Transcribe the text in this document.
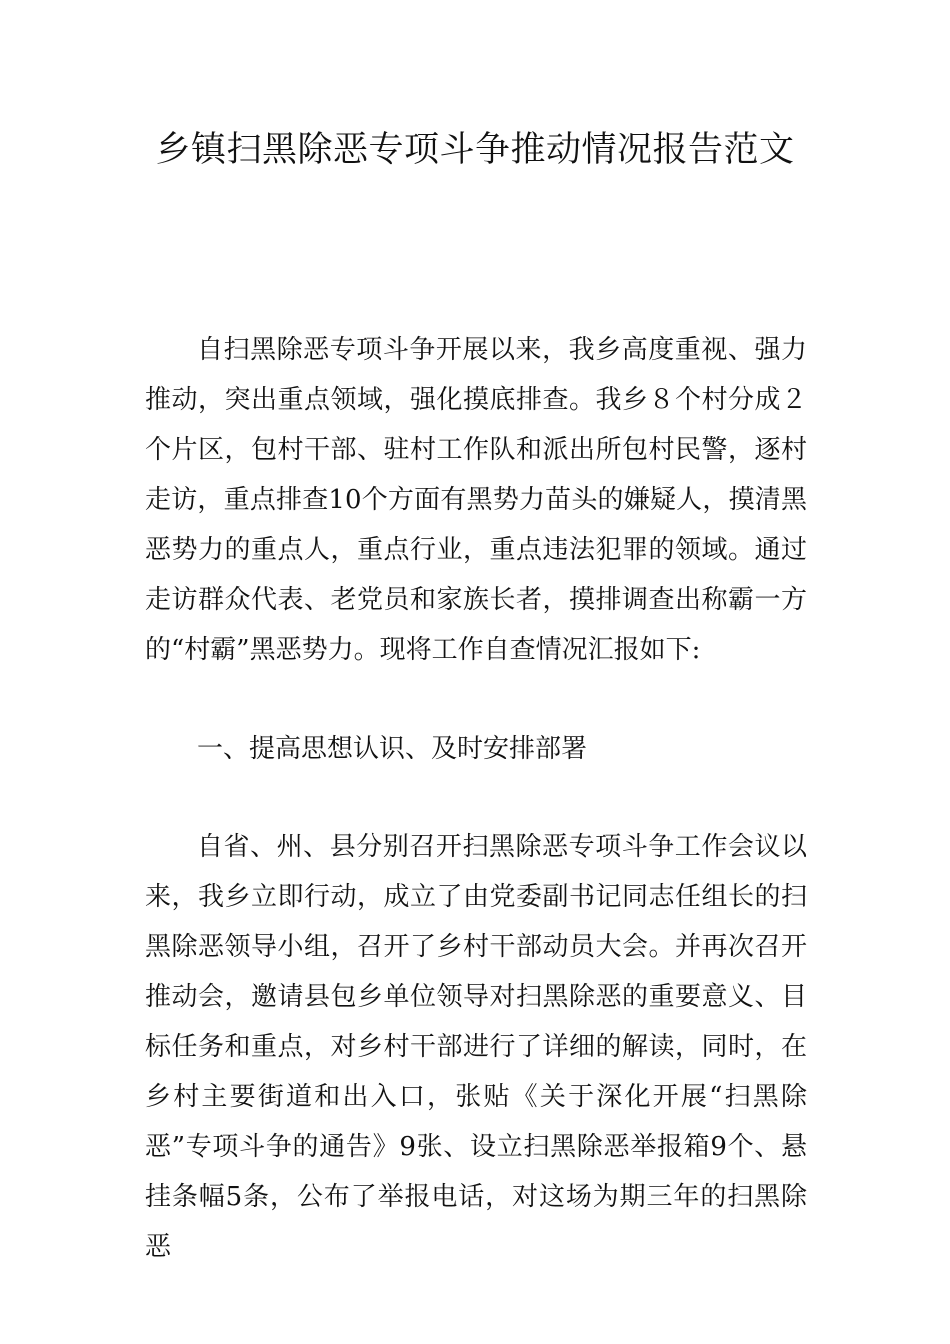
乡镇扫黑除恶专项斗争推动情况报告范文

自扫黑除恶专项斗争开展以来，我乡高度重视、强力推动，突出重点领域，强化摸底排查。我乡８个村分成２个片区，包村干部、驻村工作队和派出所包村民警，逐村走访，重点排查10个方面有黑势力苗头的嫌疑人，摸清黑恶势力的重点人，重点行业，重点违法犯罪的领域。通过走访群众代表、老党员和家族长者，摸排调查出称霸一方的“村霸”黑恶势力。现将工作自查情况汇报如下:

一、提高思想认识、及时安排部署

自省、州、县分别召开扫黑除恶专项斗争工作会议以来，我乡立即行动，成立了由党委副书记同志任组长的扫黑除恶领导小组，召开了乡村干部动员大会。并再次召开推动会，邀请县包乡单位领导对扫黑除恶的重要意义、目标任务和重点，对乡村干部进行了详细的解读，同时，在乡村主要街道和出入口，张贴《关于深化开展“扫黑除恶”专项斗争的通告》9张、设立扫黑除恶举报箱9个、悬挂条幅5条，公布了举报电话，对这场为期三年的扫黑除恶
